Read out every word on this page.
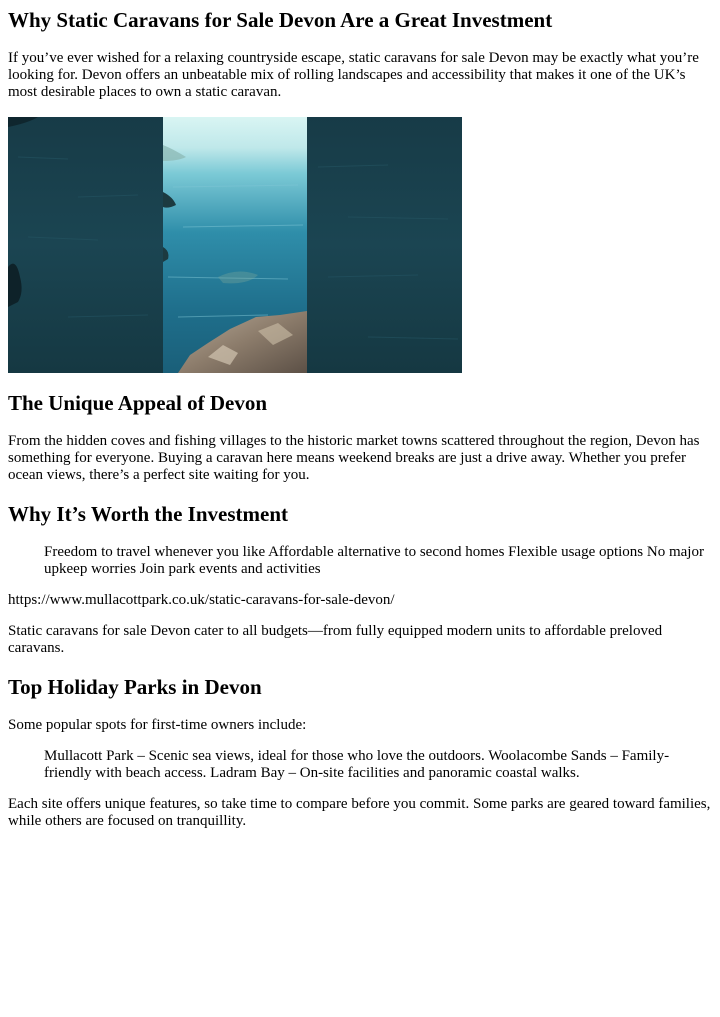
Why Static Caravans for Sale Devon Are a Great Investment

If you’ve ever wished for a relaxing countryside escape, static caravans for sale Devon may be exactly what you’re looking for. Devon offers an unbeatable mix of rolling landscapes and accessibility that makes it one of the UK’s most desirable places to own a static caravan.

The Unique Appeal of Devon

From the hidden coves and fishing villages to the historic market towns scattered throughout the region, Devon has something for everyone. Buying a caravan here means weekend breaks are just a drive away. Whether you prefer ocean views, there’s a perfect site waiting for you.

Why It’s Worth the Investment
Freedom to travel whenever you like Affordable alternative to second homes Flexible usage options No major upkeep worries Join park events and activities

https://www.mullacottpark.co.uk/static-caravans-for-sale-devon/

Static caravans for sale Devon cater to all budgets—from fully equipped modern units to affordable preloved caravans.

Top Holiday Parks in Devon

Some popular spots for first-time owners include:

Mullacott Park – Scenic sea views, ideal for those who love the outdoors. Woolacombe Sands – Family-friendly with beach access. Ladram Bay – On-site facilities and panoramic coastal walks.

Each site offers unique features, so take time to compare before you commit. Some parks are geared toward families, while others are focused on tranquillity.
